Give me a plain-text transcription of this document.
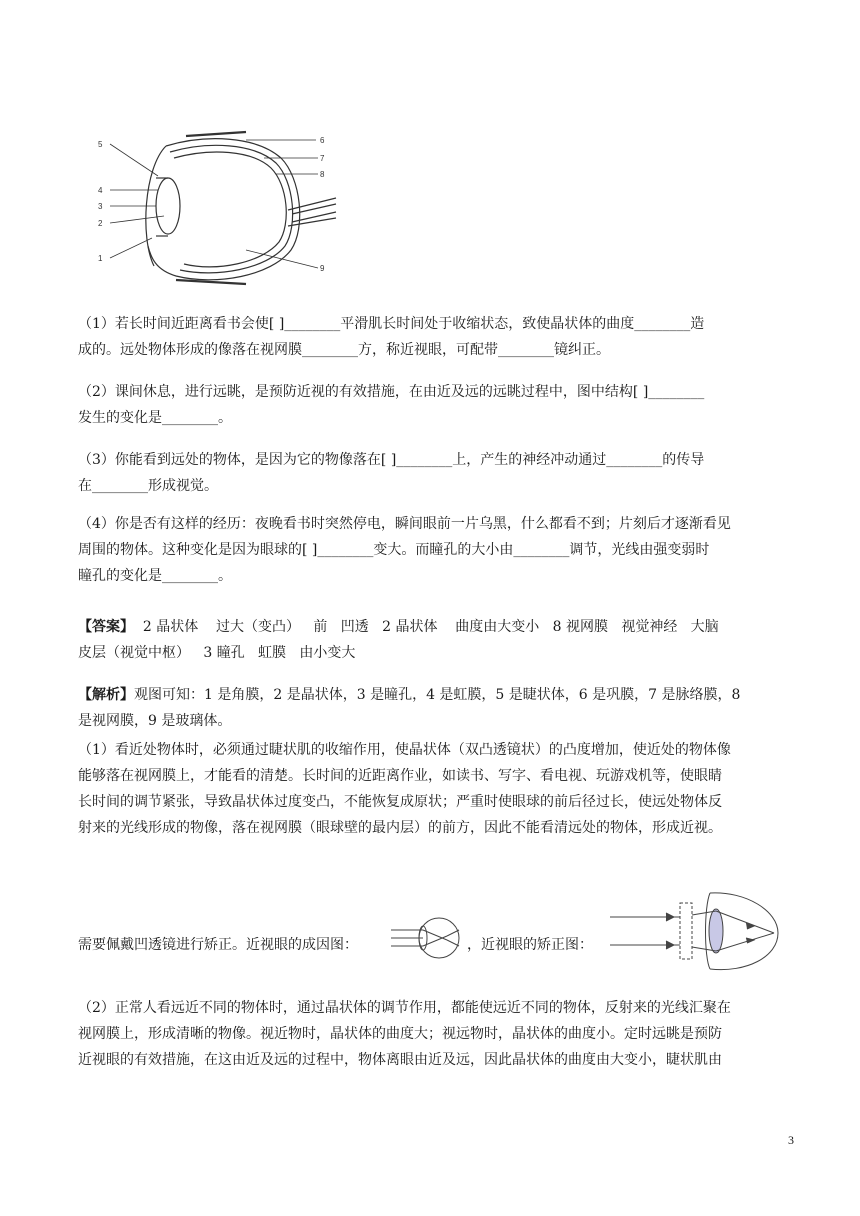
5
4
3
2
1
6
7
8
9

（1）若长时间近距离看书会使[ ]________平滑肌长时间处于收缩状态，致使晶状体的曲度________造
成的。远处物体形成的像落在视网膜________方，称近视眼，可配带________镜纠正。

（2）课间休息，进行远眺，是预防近视的有效措施，在由近及远的远眺过程中，图中结构[ ]________
发生的变化是________。

（3）你能看到远处的物体，是因为它的物像落在[ ]________上，产生的神经冲动通过________的传导
在________形成视觉。

（4）你是否有这样的经历：夜晚看书时突然停电，瞬间眼前一片乌黑，什么都看不到；片刻后才逐渐看见
周围的物体。这种变化是因为眼球的[ ]________变大。而瞳孔的大小由________调节，光线由强变弱时
瞳孔的变化是________。

【答案】  2 晶状体    过大（变凸）   前   凹透   2 晶状体    曲度由大变小   8 视网膜   视觉神经   大脑
皮层（视觉中枢）   3 瞳孔   虹膜   由小变大

【解析】观图可知：1 是角膜，2 是晶状体，3 是瞳孔，4 是虹膜，5 是睫状体，6 是巩膜，7 是脉络膜，8
是视网膜，9 是玻璃体。

（1）看近处物体时，必须通过睫状肌的收缩作用，使晶状体（双凸透镜状）的凸度增加，使近处的物体像
能够落在视网膜上，才能看的清楚。长时间的近距离作业，如读书、写字、看电视、玩游戏机等，使眼睛
长时间的调节紧张，导致晶状体过度变凸，不能恢复成原状；严重时使眼球的前后径过长，使远处物体反
射来的光线形成的物像，落在视网膜（眼球壁的最内层）的前方，因此不能看清远处的物体，形成近视。

需要佩戴凹透镜进行矫正。近视眼的成因图：	，近视眼的矫正图：

（2）正常人看远近不同的物体时，通过晶状体的调节作用，都能使远近不同的物体，反射来的光线汇聚在
视网膜上，形成清晰的物像。视近物时，晶状体的曲度大；视远物时，晶状体的曲度小。定时远眺是预防
近视眼的有效措施，在这由近及远的过程中，物体离眼由近及远，因此晶状体的曲度由大变小，睫状肌由

3
